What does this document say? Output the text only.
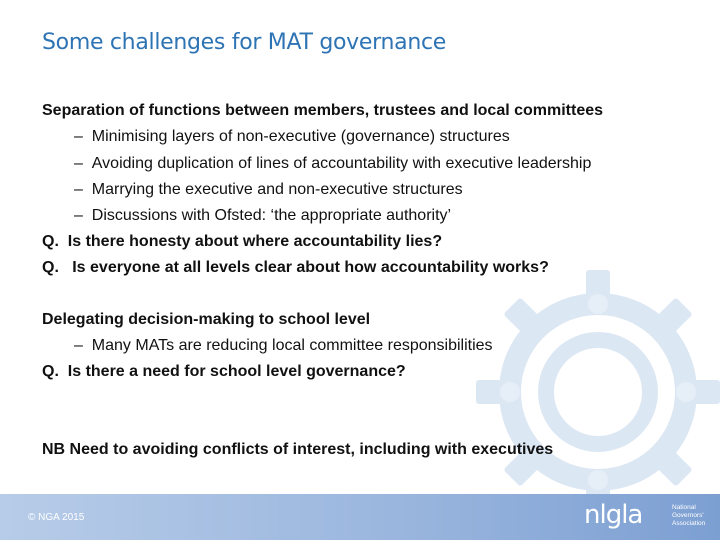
Some challenges for MAT governance
Separation of functions between members, trustees and local committees
– Minimising layers of non-executive (governance) structures
– Avoiding duplication of lines of accountability with executive leadership
– Marrying the executive and non-executive structures
– Discussions with Ofsted: ‘the appropriate authority’
Q. Is there honesty about where accountability lies?
Q. Is everyone at all levels clear about how accountability works?
Delegating decision-making to school level
– Many MATs are reducing local committee responsibilities
Q. Is there a need for school level governance?
NB Need to avoiding conflicts of interest, including with executives
© NGA 2015	nlgla	National
Governors'
Association
